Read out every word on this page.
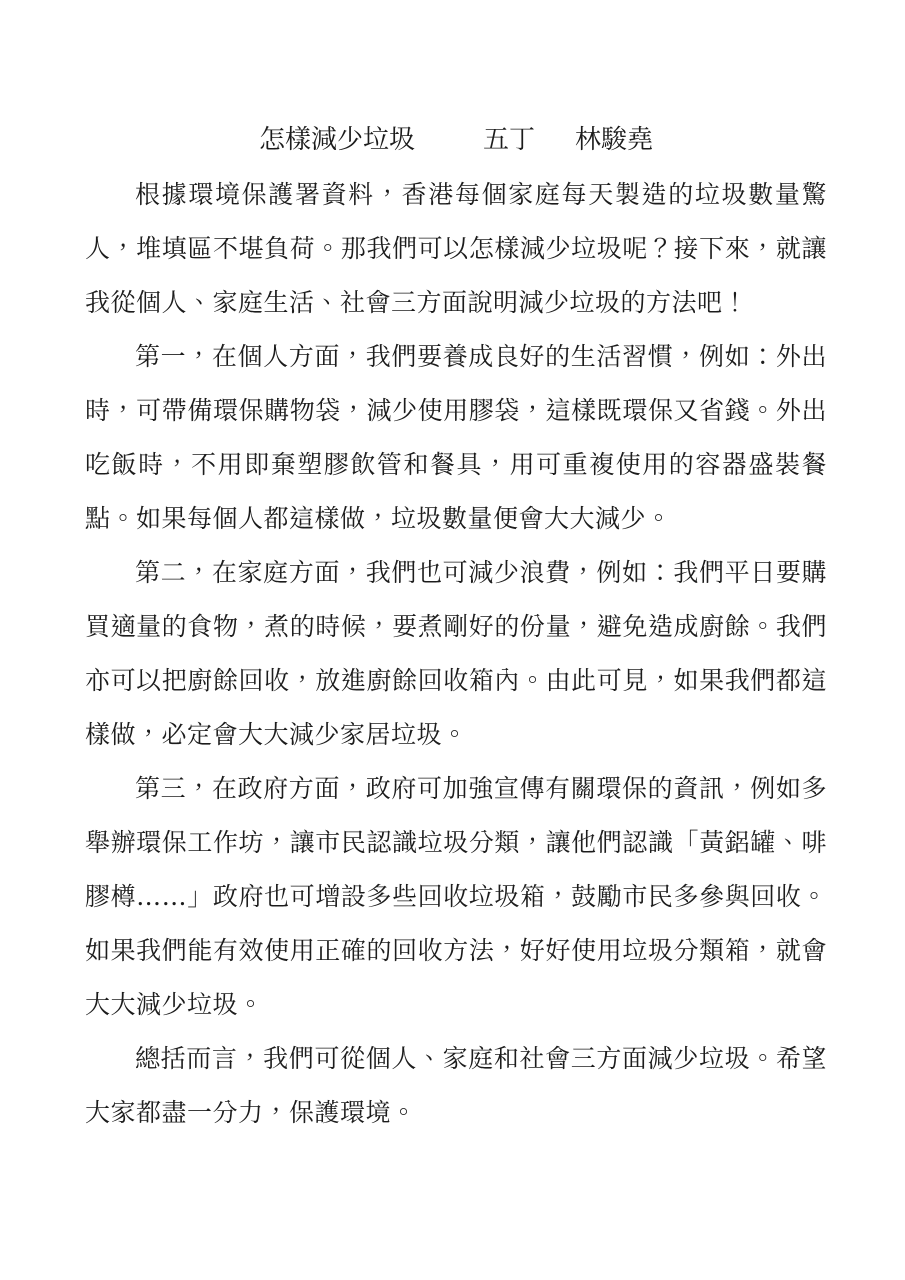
怎樣減少垃圾	五丁 林駿堯

根據環境保護署資料，香港每個家庭每天製造的垃圾數量驚人，堆填區不堪負荷。那我們可以怎樣減少垃圾呢？接下來，就讓我從個人、家庭生活、社會三方面說明減少垃圾的方法吧！

第一，在個人方面，我們要養成良好的生活習慣，例如：外出時，可帶備環保購物袋，減少使用膠袋，這樣既環保又省錢。外出吃飯時，不用即棄塑膠飲管和餐具，用可重複使用的容器盛裝餐點。如果每個人都這樣做，垃圾數量便會大大減少。

第二，在家庭方面，我們也可減少浪費，例如：我們平日要購買適量的食物，煮的時候，要煮剛好的份量，避免造成廚餘。我們亦可以把廚餘回收，放進廚餘回收箱內。由此可見，如果我們都這樣做，必定會大大減少家居垃圾。

第三，在政府方面，政府可加強宣傳有關環保的資訊，例如多舉辦環保工作坊，讓市民認識垃圾分類，讓他們認識「黃鋁罐、啡膠樽……」政府也可增設多些回收垃圾箱，鼓勵市民多參與回收。如果我們能有效使用正確的回收方法，好好使用垃圾分類箱，就會大大減少垃圾。

總括而言，我們可從個人、家庭和社會三方面減少垃圾。希望大家都盡一分力，保護環境。
